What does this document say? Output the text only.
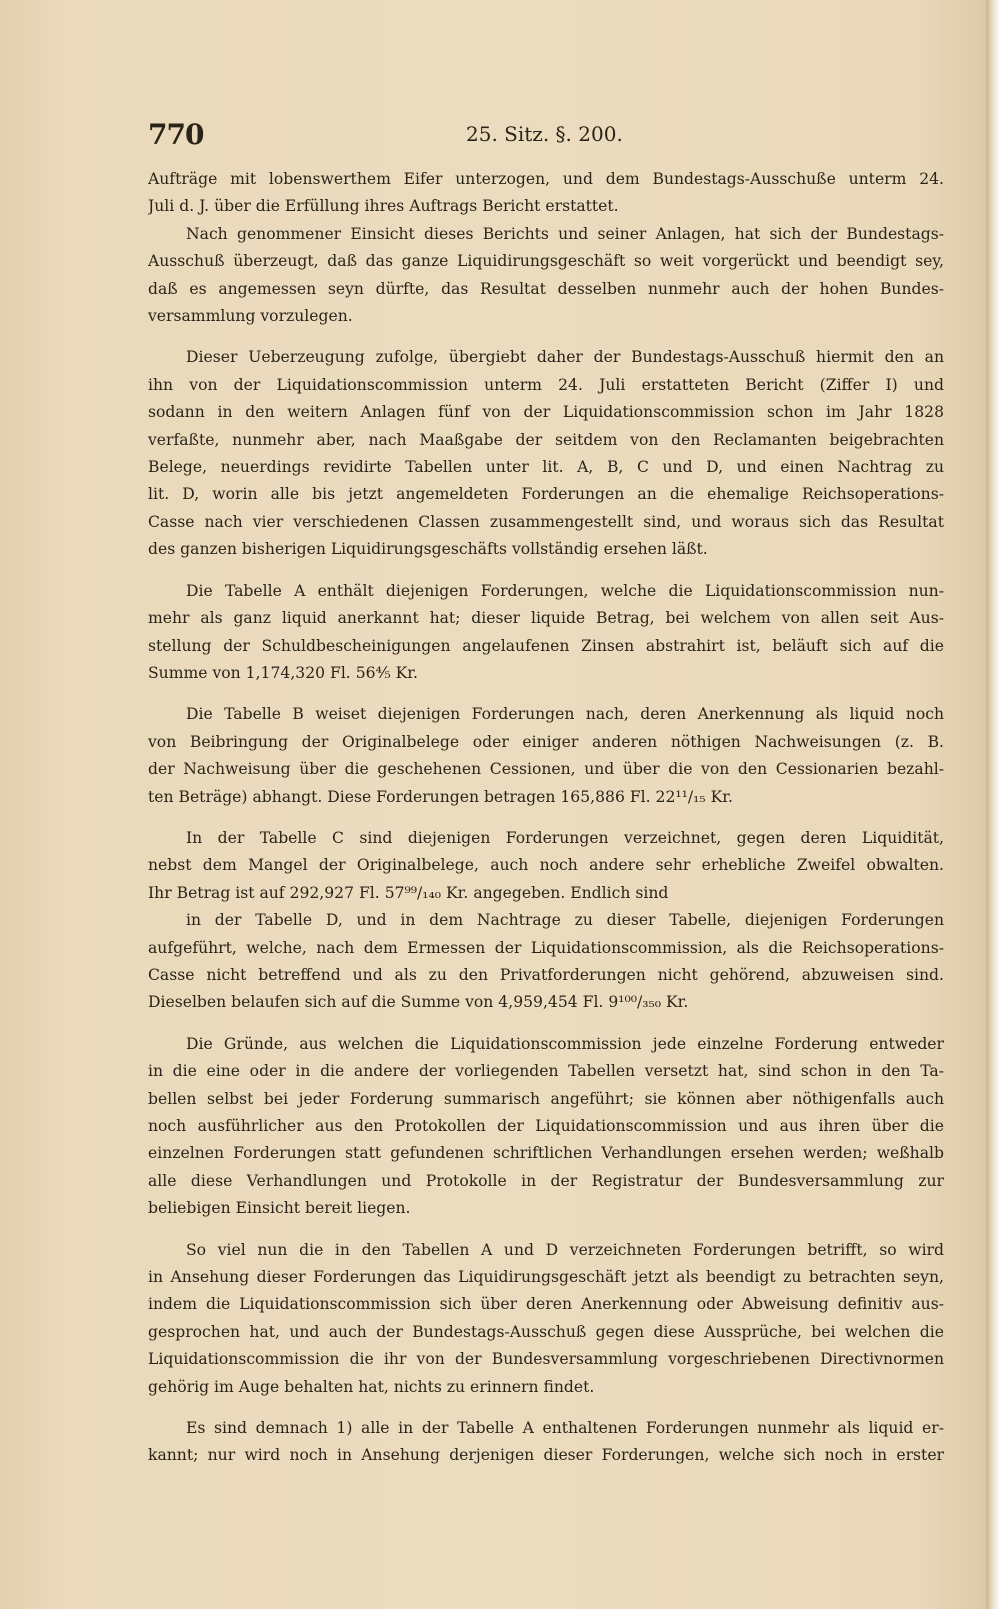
770	25. Sitz. §. 200.
Aufträge mit lobenswerthem Eifer unterzogen, und dem Bundestags-Ausschuße unterm 24.
Juli d. J. über die Erfüllung ihres Auftrags Bericht erstattet.
Nach genommener Einsicht dieses Berichts und seiner Anlagen, hat sich der Bundestags-
Ausschuß überzeugt, daß das ganze Liquidirungsgeschäft so weit vorgerückt und beendigt sey,
daß es angemessen seyn dürfte, das Resultat desselben nunmehr auch der hohen Bundes-
versammlung vorzulegen.
Dieser Ueberzeugung zufolge, übergiebt daher der Bundestags-Ausschuß hiermit den an
ihn von der Liquidationscommission unterm 24. Juli erstatteten Bericht (Ziffer I) und
sodann in den weitern Anlagen fünf von der Liquidationscommission schon im Jahr 1828
verfaßte, nunmehr aber, nach Maaßgabe der seitdem von den Reclamanten beigebrachten
Belege, neuerdings revidirte Tabellen unter lit. A, B, C und D, und einen Nachtrag zu
lit. D, worin alle bis jetzt angemeldeten Forderungen an die ehemalige Reichsoperations-
Casse nach vier verschiedenen Classen zusammengestellt sind, und woraus sich das Resultat
des ganzen bisherigen Liquidirungsgeschäfts vollständig ersehen läßt.
Die Tabelle A enthält diejenigen Forderungen, welche die Liquidationscommission nun-
mehr als ganz liquid anerkannt hat; dieser liquide Betrag, bei welchem von allen seit Aus-
stellung der Schuldbescheinigungen angelaufenen Zinsen abstrahirt ist, beläuft sich auf die
Summe von 1,174,320 Fl. 56⅘ Kr.
Die Tabelle B weiset diejenigen Forderungen nach, deren Anerkennung als liquid noch
von Beibringung der Originalbelege oder einiger anderen nöthigen Nachweisungen (z. B.
der Nachweisung über die geschehenen Cessionen, und über die von den Cessionarien bezahl-
ten Beträge) abhangt. Diese Forderungen betragen 165,886 Fl. 22¹¹/₁₅ Kr.
In der Tabelle C sind diejenigen Forderungen verzeichnet, gegen deren Liquidität,
nebst dem Mangel der Originalbelege, auch noch andere sehr erhebliche Zweifel obwalten.
Ihr Betrag ist auf 292,927 Fl. 57⁹⁹/₁₄₀ Kr. angegeben. Endlich sind
in der Tabelle D, und in dem Nachtrage zu dieser Tabelle, diejenigen Forderungen
aufgeführt, welche, nach dem Ermessen der Liquidationscommission, als die Reichsoperations-
Casse nicht betreffend und als zu den Privatforderungen nicht gehörend, abzuweisen sind.
Dieselben belaufen sich auf die Summe von 4,959,454 Fl. 9¹⁰⁰/₃₅₀ Kr.
Die Gründe, aus welchen die Liquidationscommission jede einzelne Forderung entweder
in die eine oder in die andere der vorliegenden Tabellen versetzt hat, sind schon in den Ta-
bellen selbst bei jeder Forderung summarisch angeführt; sie können aber nöthigenfalls auch
noch ausführlicher aus den Protokollen der Liquidationscommission und aus ihren über die
einzelnen Forderungen statt gefundenen schriftlichen Verhandlungen ersehen werden; weßhalb
alle diese Verhandlungen und Protokolle in der Registratur der Bundesversammlung zur
beliebigen Einsicht bereit liegen.
So viel nun die in den Tabellen A und D verzeichneten Forderungen betrifft, so wird
in Ansehung dieser Forderungen das Liquidirungsgeschäft jetzt als beendigt zu betrachten seyn,
indem die Liquidationscommission sich über deren Anerkennung oder Abweisung definitiv aus-
gesprochen hat, und auch der Bundestags-Ausschuß gegen diese Aussprüche, bei welchen die
Liquidationscommission die ihr von der Bundesversammlung vorgeschriebenen Directivnormen
gehörig im Auge behalten hat, nichts zu erinnern findet.
Es sind demnach 1) alle in der Tabelle A enthaltenen Forderungen nunmehr als liquid er-
kannt; nur wird noch in Ansehung derjenigen dieser Forderungen, welche sich noch in erster
